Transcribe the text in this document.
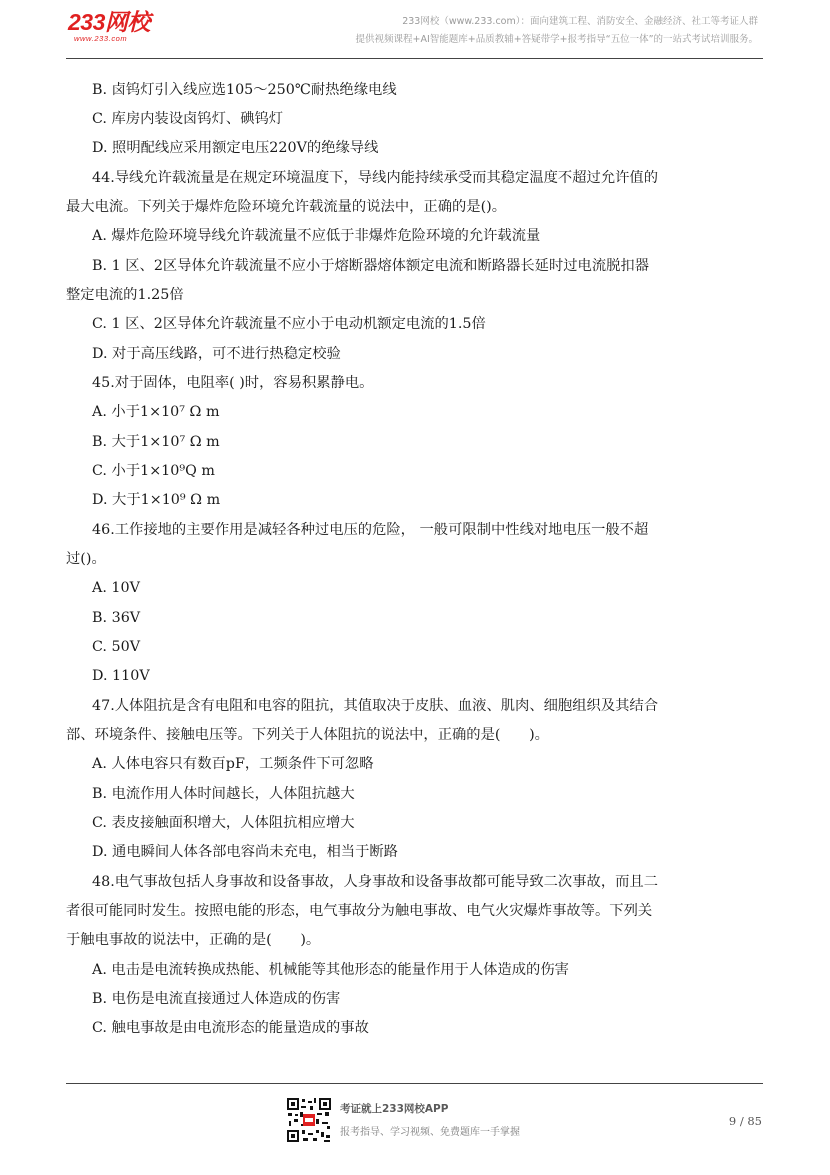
233网校
www.233.com
233网校（www.233.com）：面向建筑工程、消防安全、金融经济、社工等考证人群
提供视频课程+AI智能题库+品质教辅+答疑带学+报考指导“五位一体”的一站式考试培训服务。
B. 卤钨灯引入线应选105～250℃耐热绝缘电线
C. 库房内装设卤钨灯、碘钨灯
D. 照明配线应采用额定电压220V的绝缘导线
44.导线允许载流量是在规定环境温度下，导线内能持续承受而其稳定温度不超过允许值的
最大电流。下列关于爆炸危险环境允许载流量的说法中，正确的是()。
A. 爆炸危险环境导线允许载流量不应低于非爆炸危险环境的允许载流量
B. 1 区、2区导体允许载流量不应小于熔断器熔体额定电流和断路器长延时过电流脱扣器
整定电流的1.25倍
C. 1 区、2区导体允许载流量不应小于电动机额定电流的1.5倍
D. 对于高压线路，可不进行热稳定校验
45.对于固体，电阻率( )时，容易积累静电。
A. 小于1×10⁷ Ω m
B. 大于1×10⁷ Ω m
C. 小于1×10⁹Q m
D. 大于1×10⁹ Ω m
46.工作接地的主要作用是减轻各种过电压的危险， 一般可限制中性线对地电压一般不超
过()。
A. 10V
B. 36V
C. 50V
D. 110V
47.人体阻抗是含有电阻和电容的阻抗，其值取决于皮肤、血液、肌肉、细胞组织及其结合
部、环境条件、接触电压等。下列关于人体阻抗的说法中，正确的是(　　)。
A. 人体电容只有数百pF，工频条件下可忽略
B. 电流作用人体时间越长，人体阻抗越大
C. 表皮接触面积增大，人体阻抗相应增大
D. 通电瞬间人体各部电容尚未充电，相当于断路
48.电气事故包括人身事故和设备事故，人身事故和设备事故都可能导致二次事故，而且二
者很可能同时发生。按照电能的形态，电气事故分为触电事故、电气火灾爆炸事故等。下列关
于触电事故的说法中，正确的是(　　)。
A. 电击是电流转换成热能、机械能等其他形态的能量作用于人体造成的伤害
B. 电伤是电流直接通过人体造成的伤害
C. 触电事故是由电流形态的能量造成的事故
考证就上233网校APP
报考指导、学习视频、免费题库一手掌握
9 / 85
